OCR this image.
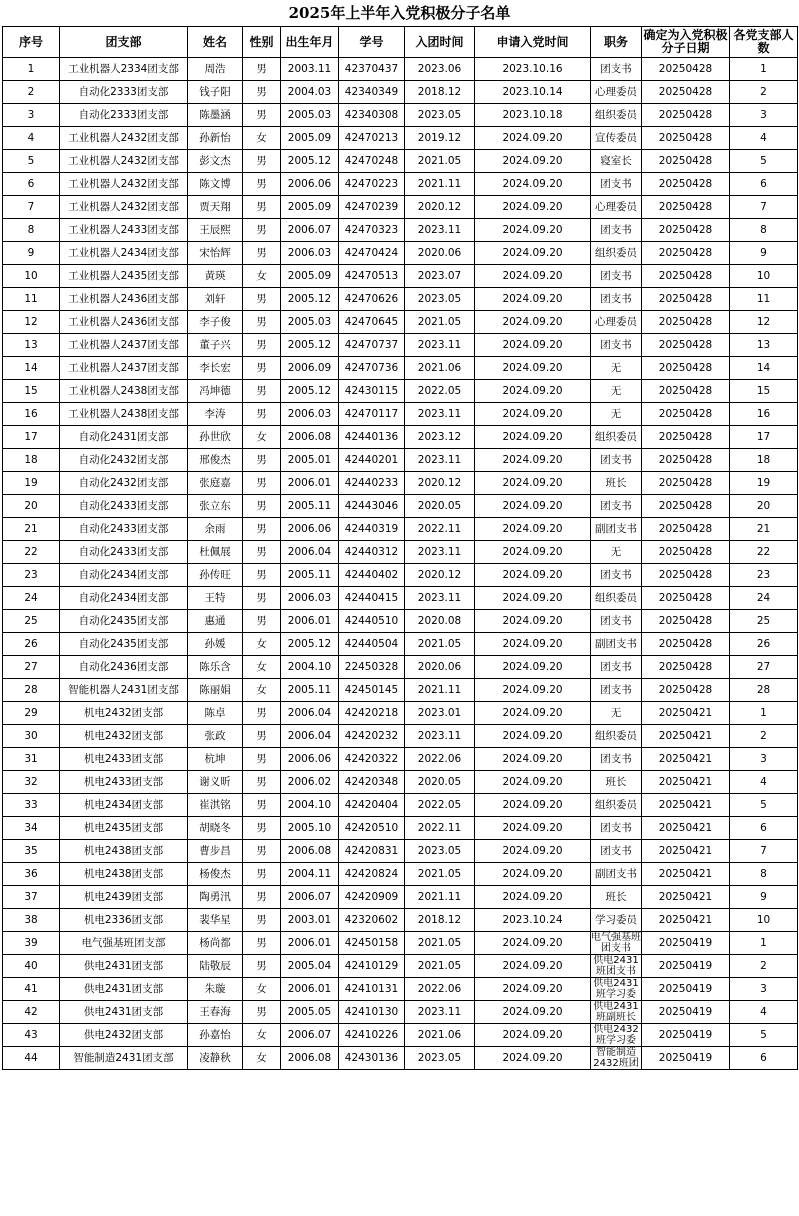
2025年上半年入党积极分子名单
序号	团支部	姓名	性别	出生年月	学号	入团时间	申请入党时间	职务	确定为入党积极分子日期	各党支部人数
1	工业机器人2334团支部	周浩	男	2003.11	42370437	2023.06	2023.10.16	团支书	20250428	1
2	自动化2333团支部	钱子阳	男	2004.03	42340349	2018.12	2023.10.14	心理委员	20250428	2
3	自动化2333团支部	陈墨涵	男	2005.03	42340308	2023.05	2023.10.18	组织委员	20250428	3
4	工业机器人2432团支部	孙新怡	女	2005.09	42470213	2019.12	2024.09.20	宣传委员	20250428	4
5	工业机器人2432团支部	彭文杰	男	2005.12	42470248	2021.05	2024.09.20	寝室长	20250428	5
6	工业机器人2432团支部	陈文博	男	2006.06	42470223	2021.11	2024.09.20	团支书	20250428	6
7	工业机器人2432团支部	贾天翔	男	2005.09	42470239	2020.12	2024.09.20	心理委员	20250428	7
8	工业机器人2433团支部	王辰熙	男	2006.07	42470323	2023.11	2024.09.20	团支书	20250428	8
9	工业机器人2434团支部	宋怡辉	男	2006.03	42470424	2020.06	2024.09.20	组织委员	20250428	9
10	工业机器人2435团支部	黄瑛	女	2005.09	42470513	2023.07	2024.09.20	团支书	20250428	10
11	工业机器人2436团支部	刘轩	男	2005.12	42470626	2023.05	2024.09.20	团支书	20250428	11
12	工业机器人2436团支部	李子俊	男	2005.03	42470645	2021.05	2024.09.20	心理委员	20250428	12
13	工业机器人2437团支部	董子兴	男	2005.12	42470737	2023.11	2024.09.20	团支书	20250428	13
14	工业机器人2437团支部	李长宏	男	2006.09	42470736	2021.06	2024.09.20	无	20250428	14
15	工业机器人2438团支部	冯坤德	男	2005.12	42430115	2022.05	2024.09.20	无	20250428	15
16	工业机器人2438团支部	李涛	男	2006.03	42470117	2023.11	2024.09.20	无	20250428	16
17	自动化2431团支部	孙世欣	女	2006.08	42440136	2023.12	2024.09.20	组织委员	20250428	17
18	自动化2432团支部	邢俊杰	男	2005.01	42440201	2023.11	2024.09.20	团支书	20250428	18
19	自动化2432团支部	张庭嘉	男	2006.01	42440233	2020.12	2024.09.20	班长	20250428	19
20	自动化2433团支部	张立东	男	2005.11	42443046	2020.05	2024.09.20	团支书	20250428	20
21	自动化2433团支部	余雨	男	2006.06	42440319	2022.11	2024.09.20	副团支书	20250428	21
22	自动化2433团支部	杜佩展	男	2006.04	42440312	2023.11	2024.09.20	无	20250428	22
23	自动化2434团支部	孙传旺	男	2005.11	42440402	2020.12	2024.09.20	团支书	20250428	23
24	自动化2434团支部	王特	男	2006.03	42440415	2023.11	2024.09.20	组织委员	20250428	24
25	自动化2435团支部	惠通	男	2006.01	42440510	2020.08	2024.09.20	团支书	20250428	25
26	自动化2435团支部	孙媛	女	2005.12	42440504	2021.05	2024.09.20	副团支书	20250428	26
27	自动化2436团支部	陈乐含	女	2004.10	22450328	2020.06	2024.09.20	团支书	20250428	27
28	智能机器人2431团支部	陈丽娟	女	2005.11	42450145	2021.11	2024.09.20	团支书	20250428	28
29	机电2432团支部	陈卓	男	2006.04	42420218	2023.01	2024.09.20	无	20250421	1
30	机电2432团支部	张政	男	2006.04	42420232	2023.11	2024.09.20	组织委员	20250421	2
31	机电2433团支部	杭坤	男	2006.06	42420322	2022.06	2024.09.20	团支书	20250421	3
32	机电2433团支部	谢义昕	男	2006.02	42420348	2020.05	2024.09.20	班长	20250421	4
33	机电2434团支部	崔淇铭	男	2004.10	42420404	2022.05	2024.09.20	组织委员	20250421	5
34	机电2435团支部	胡晓冬	男	2005.10	42420510	2022.11	2024.09.20	团支书	20250421	6
35	机电2438团支部	曹步昌	男	2006.08	42420831	2023.05	2024.09.20	团支书	20250421	7
36	机电2438团支部	杨俊杰	男	2004.11	42420824	2021.05	2024.09.20	副团支书	20250421	8
37	机电2439团支部	陶勇汛	男	2006.07	42420909	2021.11	2024.09.20	班长	20250421	9
38	机电2336团支部	裴华星	男	2003.01	42320602	2018.12	2023.10.24	学习委员	20250421	10
39	电气强基班团支部	杨尚都	男	2006.01	42450158	2021.05	2024.09.20	电气强基班团支书	20250419	1
40	供电2431团支部	陆敬辰	男	2005.04	42410129	2021.05	2024.09.20	供电2431班团支书	20250419	2
41	供电2431团支部	朱璇	女	2006.01	42410131	2022.06	2024.09.20	供电2431班学习委	20250419	3
42	供电2431团支部	王春海	男	2005.05	42410130	2023.11	2024.09.20	供电2431班副班长	20250419	4
43	供电2432团支部	孙嘉怡	女	2006.07	42410226	2021.06	2024.09.20	供电2432班学习委	20250419	5
44	智能制造2431团支部	凌静秋	女	2006.08	42430136	2023.05	2024.09.20	智能制造2432班团	20250419	6
